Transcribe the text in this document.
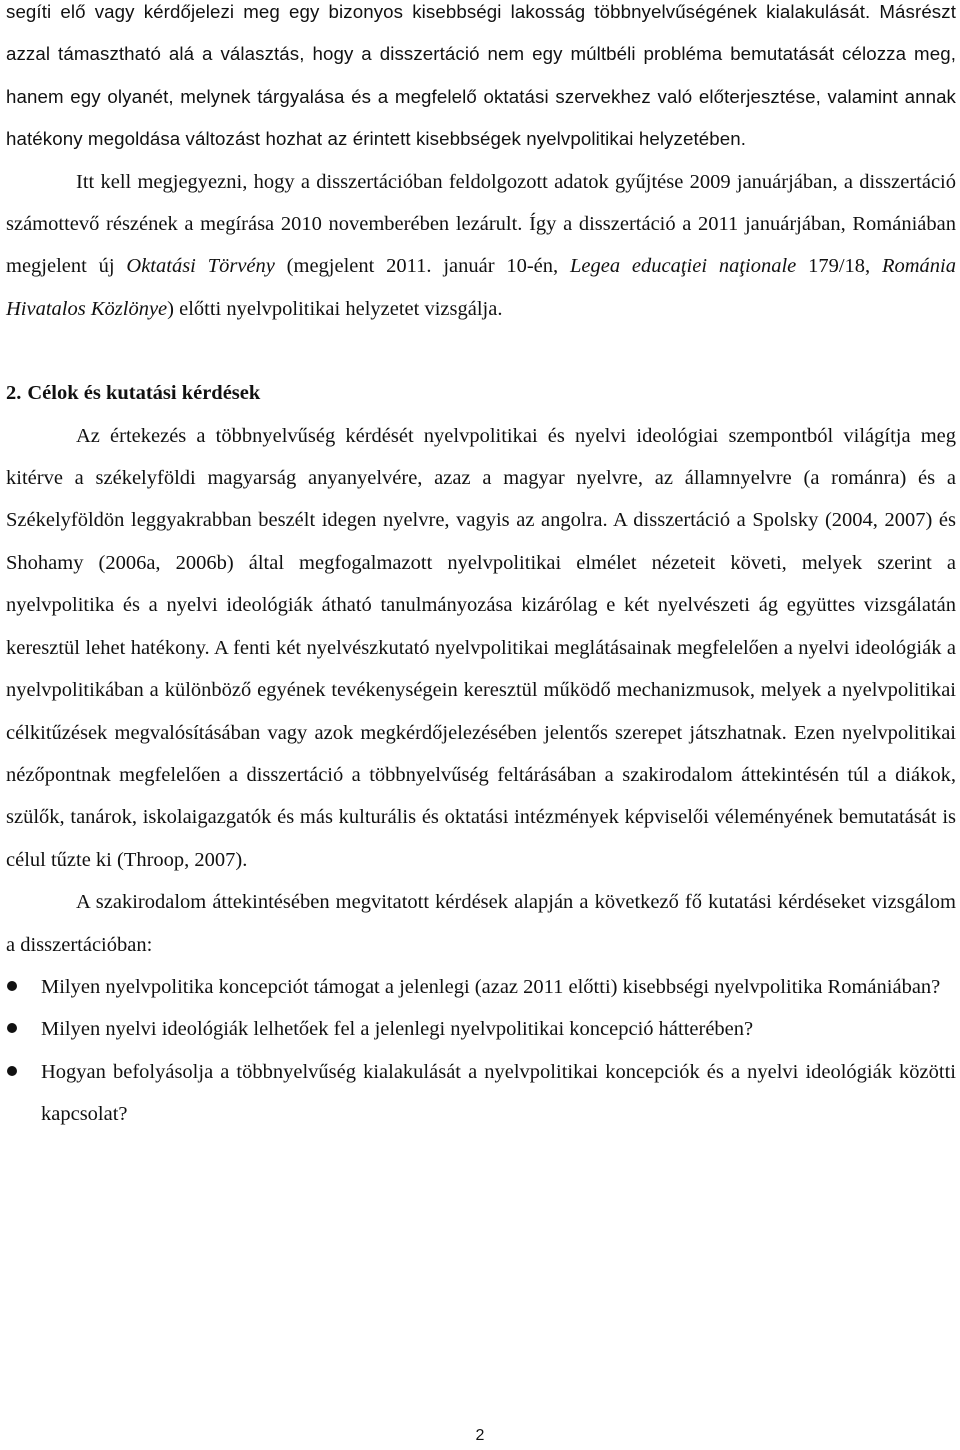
segíti elő vagy kérdőjelezi meg egy bizonyos kisebbségi lakosság többnyelvűségének kialakulását. Másrészt azzal támasztható alá a választás, hogy a disszertáció nem egy múltbéli probléma bemutatását célozza meg, hanem egy olyanét, melynek tárgyalása és a megfelelő oktatási szervekhez való előterjesztése, valamint annak hatékony megoldása változást hozhat az érintett kisebbségek nyelvpolitikai helyzetében.

Itt kell megjegyezni, hogy a disszertációban feldolgozott adatok gyűjtése 2009 januárjában, a disszertáció számottevő részének a megírása 2010 novemberében lezárult. Így a disszertáció a 2011 januárjában, Romániában megjelent új Oktatási Törvény (megjelent 2011. január 10-én, Legea educaţiei naţionale 179/18, Románia Hivatalos Közlönye) előtti nyelvpolitikai helyzetet vizsgálja.

2. Célok és kutatási kérdések

Az értekezés a többnyelvűség kérdését nyelvpolitikai és nyelvi ideológiai szempontból világítja meg kitérve a székelyföldi magyarság anyanyelvére, azaz a magyar nyelvre, az államnyelvre (a románra) és a Székelyföldön leggyakrabban beszélt idegen nyelvre, vagyis az angolra. A disszertáció a Spolsky (2004, 2007) és Shohamy (2006a, 2006b) által megfogalmazott nyelvpolitikai elmélet nézeteit követi, melyek szerint a nyelvpolitika és a nyelvi ideológiák átható tanulmányozása kizárólag e két nyelvészeti ág együttes vizsgálatán keresztül lehet hatékony. A fenti két nyelvészkutató nyelvpolitikai meglátásainak megfelelően a nyelvi ideológiák a nyelvpolitikában a különböző egyének tevékenységein keresztül működő mechanizmusok, melyek a nyelvpolitikai célkitűzések megvalósításában vagy azok megkérdőjelezésében jelentős szerepet játszhatnak. Ezen nyelvpolitikai nézőpontnak megfelelően a disszertáció a többnyelvűség feltárásában a szakirodalom áttekintésén túl a diákok, szülők, tanárok, iskolaigazgatók és más kulturális és oktatási intézmények képviselői véleményének bemutatását is célul tűzte ki (Throop, 2007).

A szakirodalom áttekintésében megvitatott kérdések alapján a következő fő kutatási kérdéseket vizsgálom a disszertációban:

Milyen nyelvpolitika koncepciót támogat a jelenlegi (azaz 2011 előtti) kisebbségi nyelvpolitika Romániában?
Milyen nyelvi ideológiák lelhetőek fel a jelenlegi nyelvpolitikai koncepció hátterében?
Hogyan befolyásolja a többnyelvűség kialakulását a nyelvpolitikai koncepciók és a nyelvi ideológiák közötti kapcsolat?
2
